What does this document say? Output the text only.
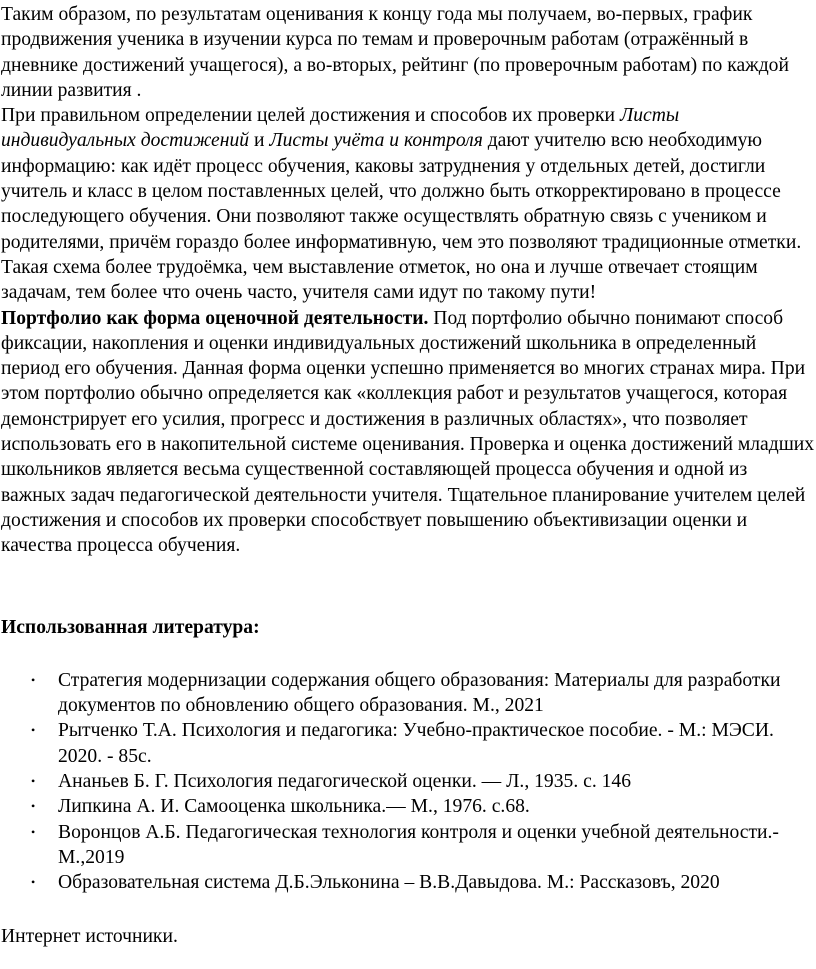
Таким образом, по результатам оценивания к концу года мы получаем, во-первых, график продвижения ученика в изучении курса по темам и проверочным работам (отражённый в дневнике достижений учащегося), а во-вторых, рейтинг (по проверочным работам) по каждой линии развития .

При правильном определении целей достижения и способов их проверки Листы индивидуальных достижений и Листы учёта и контроля дают учителю всю необходимую информацию: как идёт процесс обучения, каковы затруднения у отдельных детей, достигли учитель и класс в целом поставленных целей, что должно быть откорректировано в процессе последующего обучения. Они позволяют также осуществлять обратную связь с учеником и родителями, причём гораздо более информативную, чем это позволяют традиционные отметки. Такая схема более трудоёмка, чем выставление отметок, но она и лучше отвечает стоящим задачам, тем более что очень часто, учителя сами идут по такому пути!

Портфолио как форма оценочной деятельности. Под портфолио обычно понимают способ фиксации, накопления и оценки индивидуальных достижений школьника в определенный период его обучения. Данная форма оценки успешно применяется во многих странах мира. При этом портфолио обычно определяется как «коллекция работ и результатов учащегося, которая демонстрирует его усилия, прогресс и достижения в различных областях», что позволяет использовать его в накопительной системе оценивания. Проверка и оценка достижений младших школьников является весьма существенной составляющей процесса обучения и одной из важных задач педагогической деятельности учителя. Тщательное планирование учителем целей достижения и способов их проверки способствует повышению объективизации оценки и качества процесса обучения.

Использованная литература:

• Стратегия модернизации содержания общего образования: Материалы для разработки документов по обновлению общего образования. М., 2021
• Рытченко Т.А. Психология и педагогика: Учебно-практическое пособие. - М.: МЭСИ. 2020. - 85с.
• Ананьев Б. Г. Психология педагогической оценки. — Л., 1935. с. 146
• Липкина А. И. Самооценка школьника.— М., 1976. с.68.
• Воронцов А.Б. Педагогическая технология контроля и оценки учебной деятельности.- М.,2019
• Образовательная система Д.Б.Эльконина – В.В.Давыдова. М.: Рассказовъ, 2020

Интернет источники.
